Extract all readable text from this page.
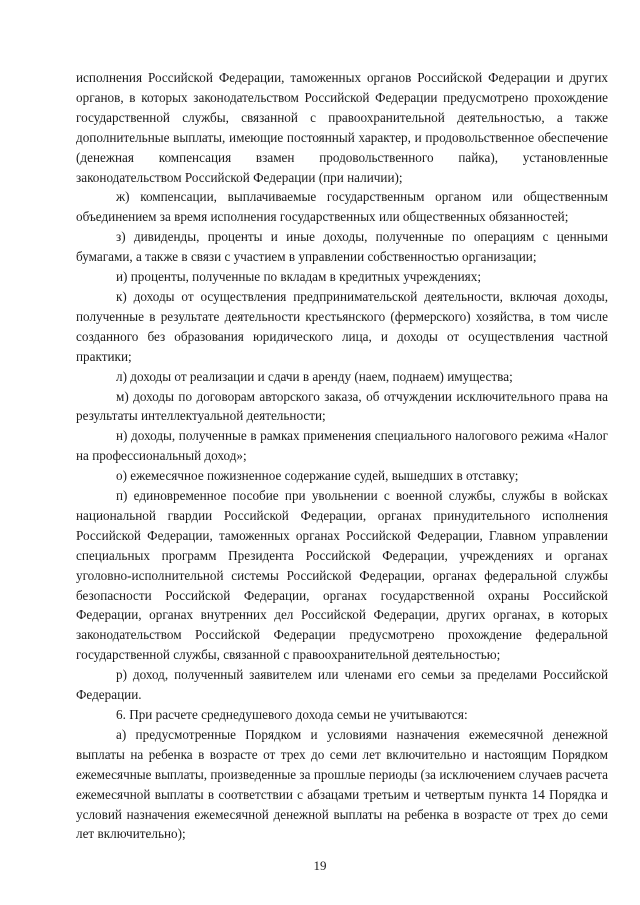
исполнения Российской Федерации, таможенных органов Российской Федерации и других органов, в которых законодательством Российской Федерации предусмотрено прохождение государственной службы, связанной с правоохранительной деятельностью, а также дополнительные выплаты, имеющие постоянный характер, и продовольственное обеспечение (денежная компенсация взамен продовольственного пайка), установленные законодательством Российской Федерации (при наличии);

ж) компенсации, выплачиваемые государственным органом или общественным объединением за время исполнения государственных или общественных обязанностей;

з) дивиденды, проценты и иные доходы, полученные по операциям с ценными бумагами, а также в связи с участием в управлении собственностью организации;

и) проценты, полученные по вкладам в кредитных учреждениях;

к) доходы от осуществления предпринимательской деятельности, включая доходы, полученные в результате деятельности крестьянского (фермерского) хозяйства, в том числе созданного без образования юридического лица, и доходы от осуществления частной практики;

л) доходы от реализации и сдачи в аренду (наем, поднаем) имущества;

м) доходы по договорам авторского заказа, об отчуждении исключительного права на результаты интеллектуальной деятельности;

н) доходы, полученные в рамках применения специального налогового режима «Налог на профессиональный доход»;

о) ежемесячное пожизненное содержание судей, вышедших в отставку;

п) единовременное пособие при увольнении с военной службы, службы в войсках национальной гвардии Российской Федерации, органах принудительного исполнения Российской Федерации, таможенных органах Российской Федерации, Главном управлении специальных программ Президента Российской Федерации, учреждениях и органах уголовно-исполнительной системы Российской Федерации, органах федеральной службы безопасности Российской Федерации, органах государственной охраны Российской Федерации, органах внутренних дел Российской Федерации, других органах, в которых законодательством Российской Федерации предусмотрено прохождение федеральной государственной службы, связанной с правоохранительной деятельностью;

р) доход, полученный заявителем или членами его семьи за пределами Российской Федерации.

6. При расчете среднедушевого дохода семьи не учитываются:

а) предусмотренные Порядком и условиями назначения ежемесячной денежной выплаты на ребенка в возрасте от трех до семи лет включительно и настоящим Порядком ежемесячные выплаты, произведенные за прошлые периоды (за исключением случаев расчета ежемесячной выплаты в соответствии с абзацами третьим и четвертым пункта 14 Порядка и условий назначения ежемесячной денежной выплаты на ребенка в возрасте от трех до семи лет включительно);

19
